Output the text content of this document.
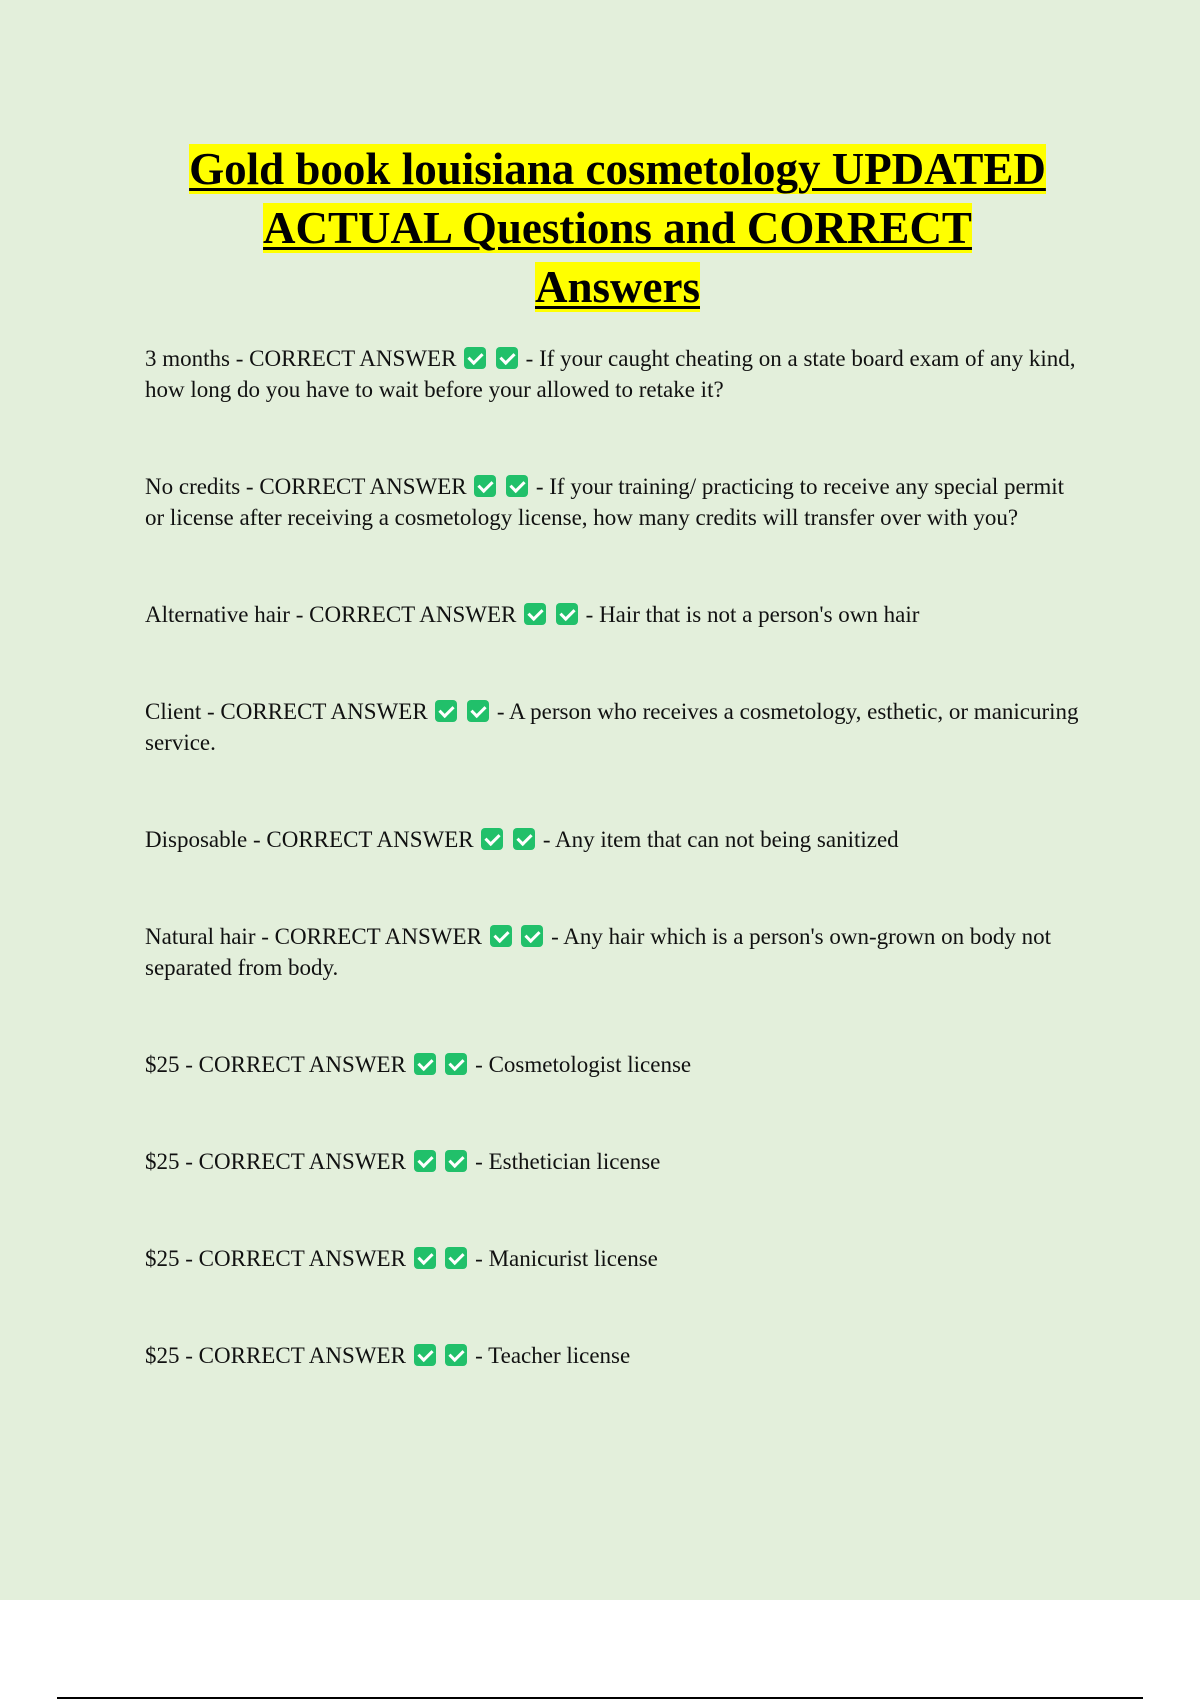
Gold book louisiana cosmetology UPDATED
ACTUAL Questions and CORRECT
Answers
3 months - CORRECT ANSWER	- If your caught cheating on a state board exam of any kind, how long do you have to wait before your allowed to retake it?
No credits - CORRECT ANSWER	- If your training/ practicing to receive any special permit or license after receiving a cosmetology license, how many credits will transfer over with you?
Alternative hair - CORRECT ANSWER	- Hair that is not a person's own hair
Client - CORRECT ANSWER	- A person who receives a cosmetology, esthetic, or manicuring service.
Disposable - CORRECT ANSWER	- Any item that can not being sanitized
Natural hair - CORRECT ANSWER	- Any hair which is a person's own-grown on body not separated from body.
$25 - CORRECT ANSWER	- Cosmetologist license
$25 - CORRECT ANSWER	- Esthetician license
$25 - CORRECT ANSWER	- Manicurist license
$25 - CORRECT ANSWER	- Teacher license
